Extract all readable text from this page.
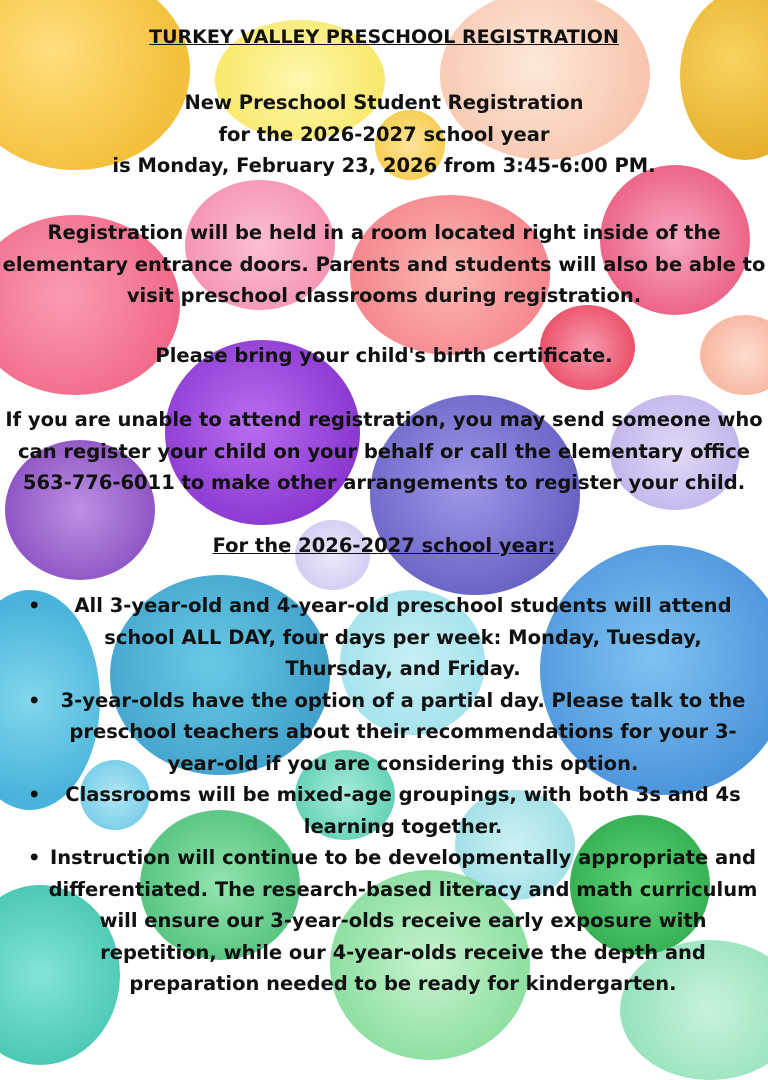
TURKEY VALLEY PRESCHOOL REGISTRATION
New Preschool Student Registration
for the 2026-2027 school year
is Monday, February 23, 2026 from 3:45-6:00 PM.
Registration will be held in a room located right inside of the
elementary entrance doors. Parents and students will also be able to
visit preschool classrooms during registration.
Please bring your child's birth certificate.
If you are unable to attend registration, you may send someone who
can register your child on your behalf or call the elementary office
563-776-6011 to make other arrangements to register your child.
For the 2026-2027 school year:
• All 3-year-old and 4-year-old preschool students will attend school ALL DAY, four days per week: Monday, Tuesday, Thursday, and Friday.
• 3-year-olds have the option of a partial day. Please talk to the preschool teachers about their recommendations for your 3-year-old if you are considering this option.
• Classrooms will be mixed-age groupings, with both 3s and 4s learning together.
• Instruction will continue to be developmentally appropriate and differentiated. The research-based literacy and math curriculum will ensure our 3-year-olds receive early exposure with repetition, while our 4-year-olds receive the depth and preparation needed to be ready for kindergarten.
